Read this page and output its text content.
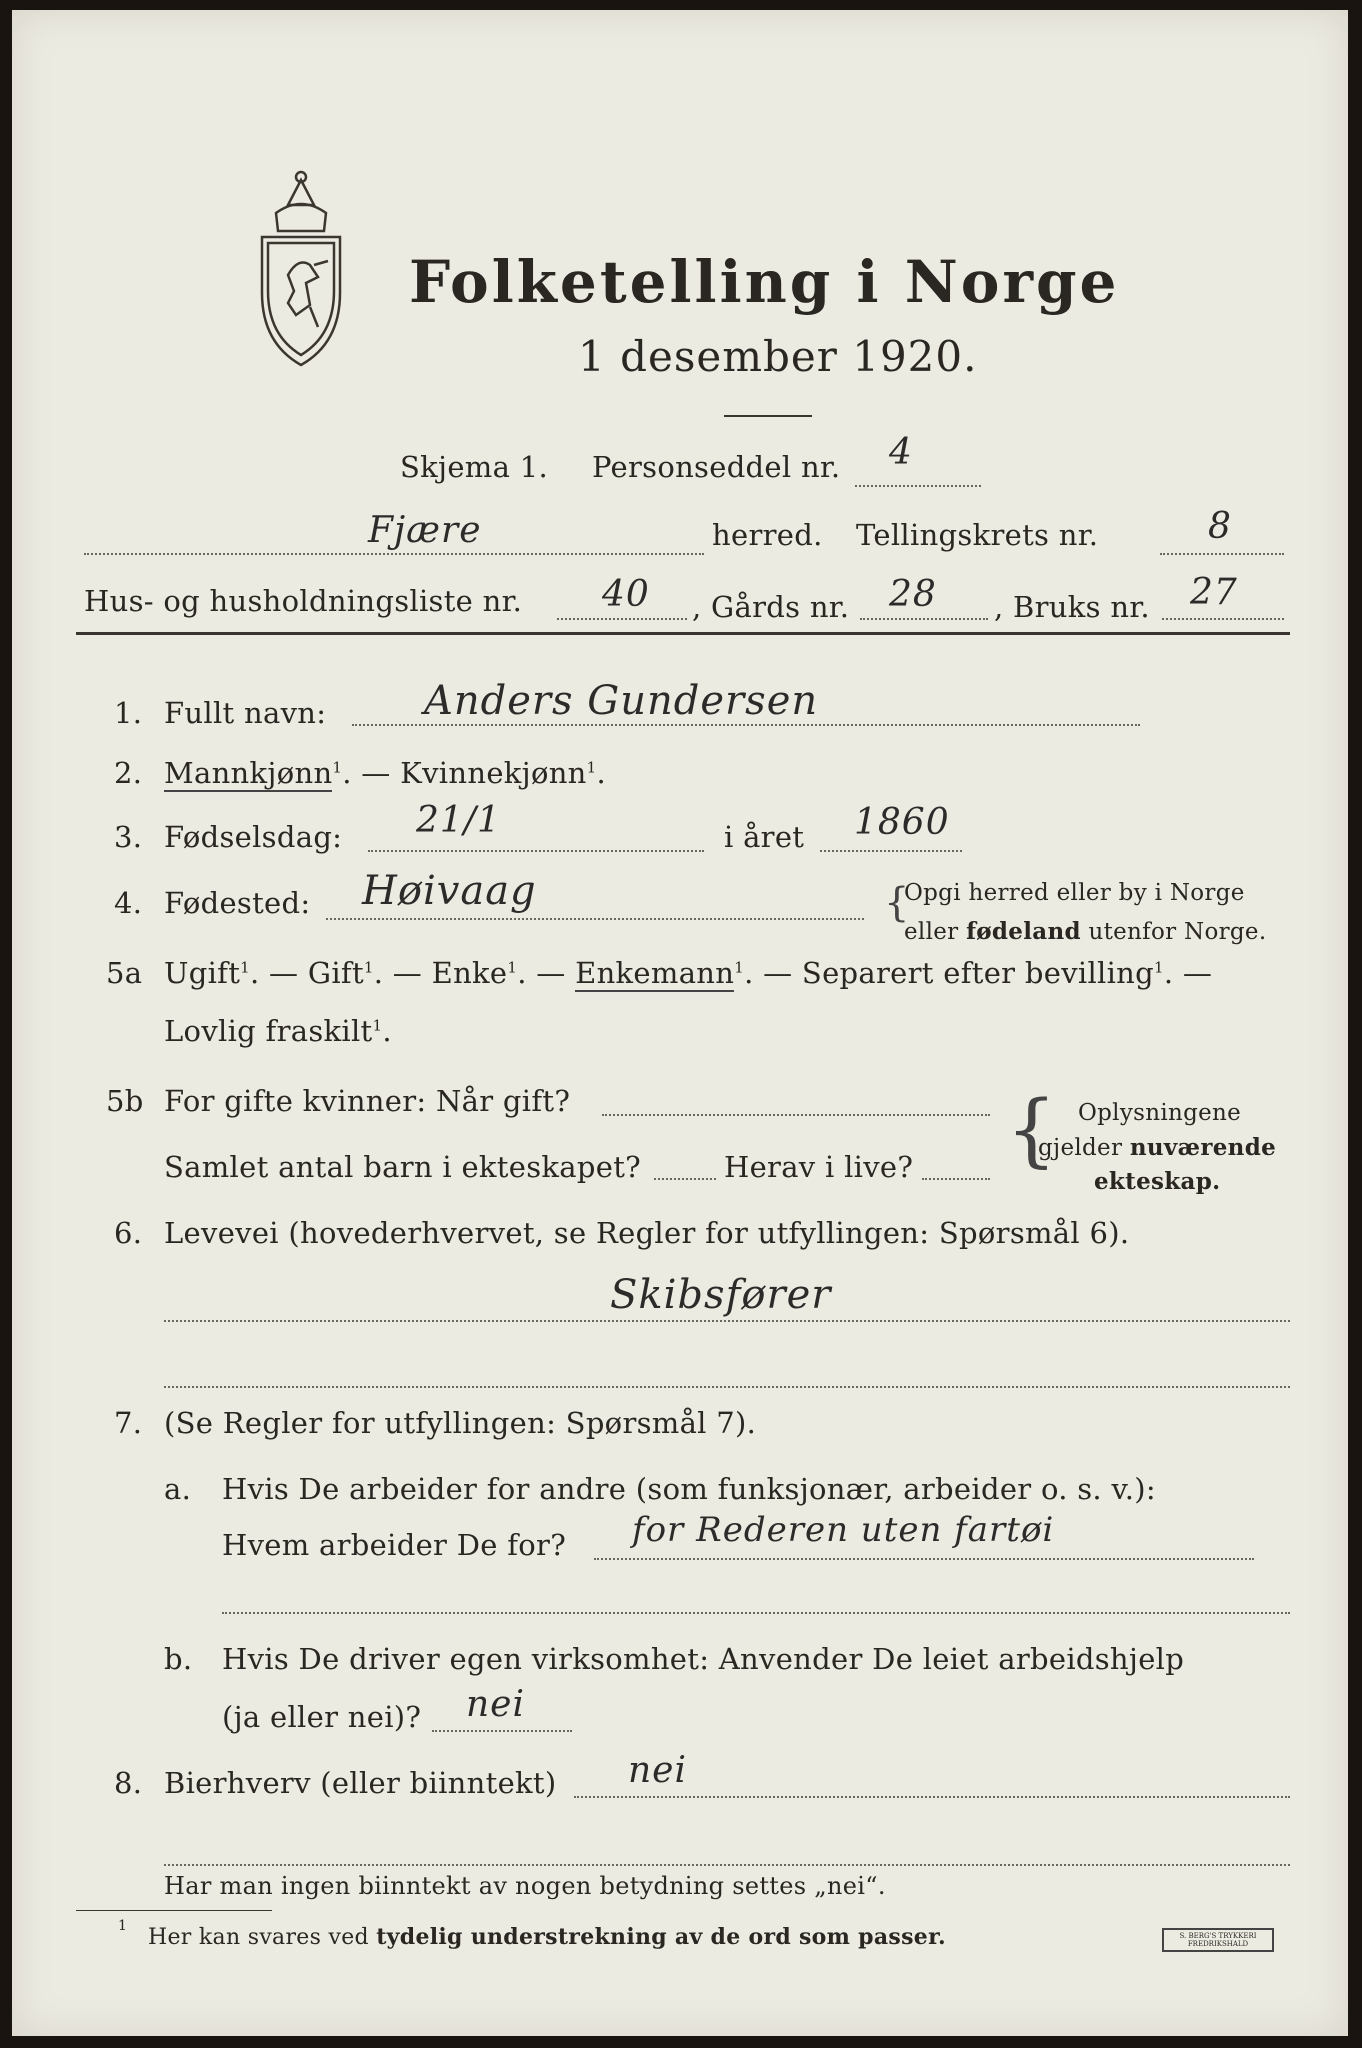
Folketelling i Norge
1 desember 1920.
Skjema 1. Personseddel nr. 4
Fjære	herred. Tellingskrets nr.	8
Hus- og husholdningsliste nr. 40 , Gårds nr. 28 , Bruks nr. 27
1. Fullt navn: Anders Gundersen
2. Mannkjønn$^1$. — Kvinnekjønn$^1$.
3. Fødselsdag: 21/1	i året 1860
4. Fødested: Høivaag	{
Opgi herred eller by i Norge
eller fødeland utenfor Norge.
5a Ugift$^1$. — Gift$^1$. — Enke$^1$. — Enkemann$^1$. — Separert efter bevilling$^1$. —
Lovlig fraskilt$^1$.
5b For gifte kvinner: Når gift?
Samlet antal barn i ekteskapet?	Herav i live? { Oplysningene
gjelder nuværende
ekteskap.
6. Levevei (hovederhvervet, se Regler for utfyllingen: Spørsmål 6).
Skibsfører
7. (Se Regler for utfyllingen: Spørsmål 7).
a. Hvis De arbeider for andre (som funksjonær, arbeider o. s. v.):
Hvem arbeider De for? for Rederen uten fartøi
b. Hvis De driver egen virksomhet: Anvender De leiet arbeidshjelp
(ja eller nei)? nei
8. Bierhverv (eller biinntekt) nei
Har man ingen biinntekt av nogen betydning settes „nei“.
1 Her kan svares ved tydelig understrekning av de ord som passer.	S. BERG'S TRYKKERI
FREDRIKSHALD
